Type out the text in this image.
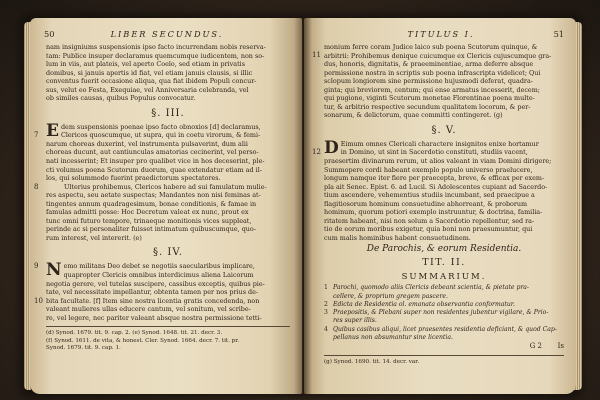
50	LIBER SECUNDUS.
nam insigniums suspensionis ipso facto incurrendam nobis reserva-
tam: Publice insuper declaramus quemcumque iudicentem, non so-
lum in viis, aut plateis, vel aperto Coelo, sed etiam in privatis
domibus, si januis apertis id fiat, vel etiam januis clausis, si illic
conventus fuerit occasione aliqua, qua fiat ibidem Populi concur-
sus, velut eo Festa, Exequiae, vel Anniversaria celebranda, vel
ob similes causas, quibus Populus convocatur.
§. III.
7 E dem suspensionis poenae ipso facto obnoxios [d] declaramus,
Clericos quoscumque, ut supra, qui in coetu virorum, & femi-
narum choreas duxerint, vel instrumenta pulsaverint, dum alii
choreas ducunt, aut cantiunculas amatorias cecinerint, vel perso-
nati incesserint; Et insuper pro qualibet vice in hos deceserint, ple-
cti volumus poena Scutorum duorum, quae extendatur etiam ad il-
los, qui solummodo fuerint praedictorum spectatores.
8	Ulterius prohibemus, Clericos habere ad sui famulatum mulie-
res aspectu, seu aetate suspectas; Mandantes non nisi feminas at-
tingentes annum quadragesimum, bonae conditionis, & famae in
famulas admitti posse: Hoc Decretum valeat ex nunc, prout ex
tunc omni futuro tempore, trinaeque monitionis vices suppleat,
perinde ac si personaliter fuisset intimatum quibuscumque, quo-
rum interest, vel intererit. (e)
§. IV.
9
10
N emo militans Deo debet se negotiis saecularibus implicare,
quapropter Clericis omnibus interdicimus aliena Laicorum
negotia gerere, vel tutelas suscipere, cassibus exceptis, quibus pie-
tate, vel necessitate impellantur, obtenta tamen per nos prius de-
bita facultate. [f] Item sine nostra licentia gratis concedenda, non
valeant mulieres ullas educere cantum, vel sonitum, vel scribe-
re, vel legere, nec pariter valeant absque nostra permissione tetti-
(d) Synod. 1679. tit. 9. cap. 2. (e) Synod. 1648. tit. 21. decr. 3.
(f) Synod. 1611. de vita, & honest. Cler. Synod. 1664. decr. 7. tit. pr.
Synod. 1679. tit. 9. cap. 1.
TITULUS I.	51
11
monium ferre coram Judice laico sub poena Scutorum quinque, &
arbitrii: Prohibemus denique cuicumque ex Clericis cujuscumque gra-
dus, honoris, dignitatis, & praeeminentiae, arma deferre absque
permissione nostra in scriptis sub poena infrascripta videlicet; Qui
sclopum longiorem sine permissione hujusmodi deferat, quadra-
ginta; qui breviorem, centum; qui ense armatus incesserit, decem;
qui pugione, viginti Scutorum monetae Florentinae poena multe-
tur, & arbitrio respective secundum qualitatem locorum, & per-
sonarum, & delictorum, quae committi contingeret. (g)
§. V.
12 D Eimum omnes Clericali charactere insignitos enixe hortamur
in Domino, ut sint in Sacerdotio constituti, studiis vacent,
praesertim divinarum rerum, ut alios valeant in viam Domini dirigere;
Summopere cordi habeant exemplo populo universo praelucere,
longum namque iter fiere per praecepta, breve, & efficax per exem-
pla ait Senec. Epist. 6. ad Lucil. Si Adolescentes cupiant ad Sacerdo-
tium ascendere, vehementius studiis incumbant, sed praecipue a
flagitiosorum hominum consuetudine abhorreant, & proborum
hominum, quorum potiori exemplo instruuntur, & doctrina, familia-
ritatem habeant, nisi non solum a Sacerdotio repellentur, sed ra-
tio de eorum moribus exigetur, quia boni non praesumuntur, qui
cum malis hominibus habent consuetudinem.
De Parochis, & eorum Residentia.
TIT. II.
SUMMARIUM.
1 Parochi, quomodo aliis Clericis debeant scientia, & pietate pra-
cellere, & proprium gregem pascere.
2 Edicta de Residentia ol. emanata observantia conformatur.
3 Praepositis, & Plebani super non residentes jubentur vigilare, & Prio-
res super illis.
4 Quibus casibus aliqui, licet praesentes residentia deficiant, & quod Cap-
pellanus non absumantur sine licentia.
G 2 Is
(g) Synod. 1690. tit. 14. decr. var.
